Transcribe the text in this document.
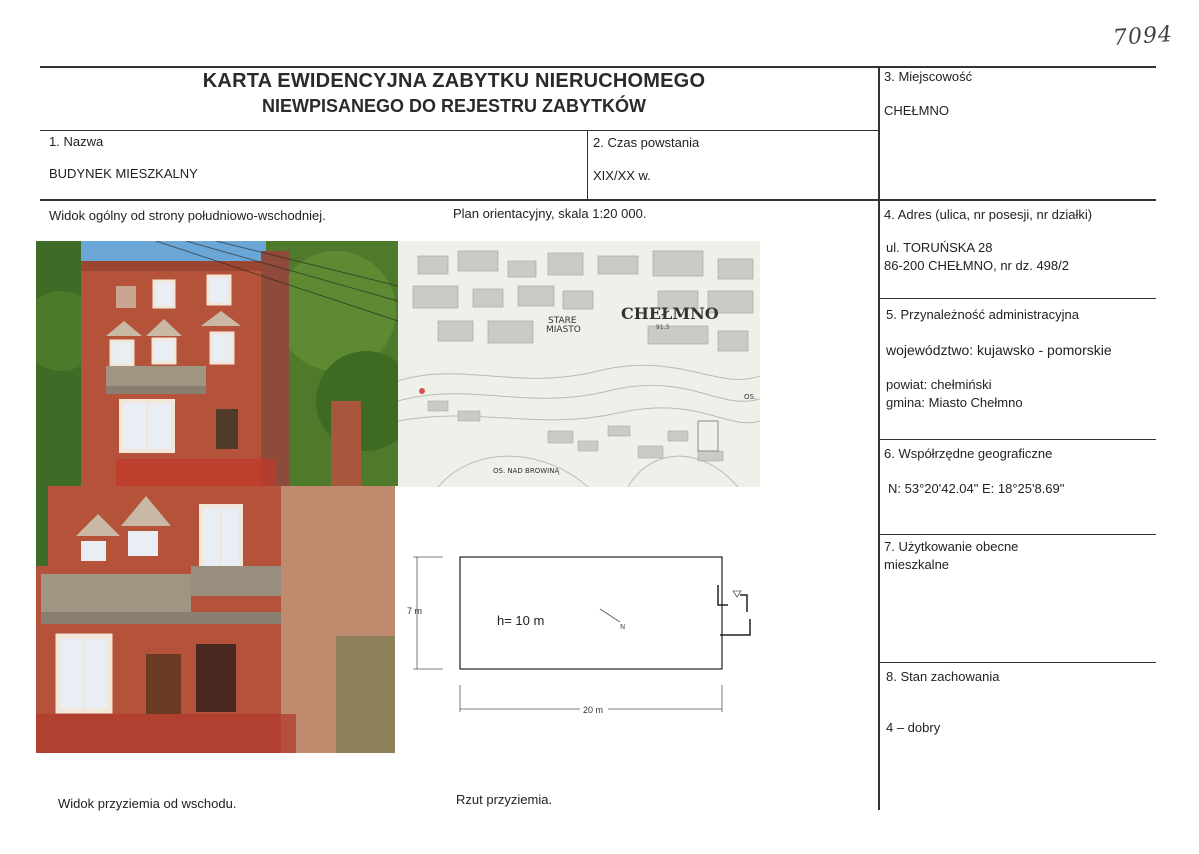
7094
KARTA EWIDENCYJNA ZABYTKU NIERUCHOMEGO
NIEWPISANEGO DO REJESTRU ZABYTKÓW
1. Nazwa
BUDYNEK MIESZKALNY
2. Czas powstania
XIX/XX w.
3. Miejscowość
CHEŁMNO
4. Adres (ulica, nr posesji, nr działki)
ul. TORUŃSKA 28
86-200 CHEŁMNO, nr dz. 498/2
5. Przynależność administracyjna
województwo: kujawsko - pomorskie
powiat: chełmiński
gmina: Miasto Chełmno
6. Współrzędne geograficzne
N: 53°20'42.04" E: 18°25'8.69"
7. Użytkowanie obecne
mieszkalne
8. Stan zachowania
4 – dobry
Widok ogólny od strony południowo-wschodniej.	Plan orientacyjny, skala 1:20 000.
Widok przyziemia od wschodu.	Rzut przyziemia.
CHEŁMNO
91.3
STARE
MIASTO
OS. NAD BROWINĄ
OS.
N
h= 10 m
20 m
7 m
